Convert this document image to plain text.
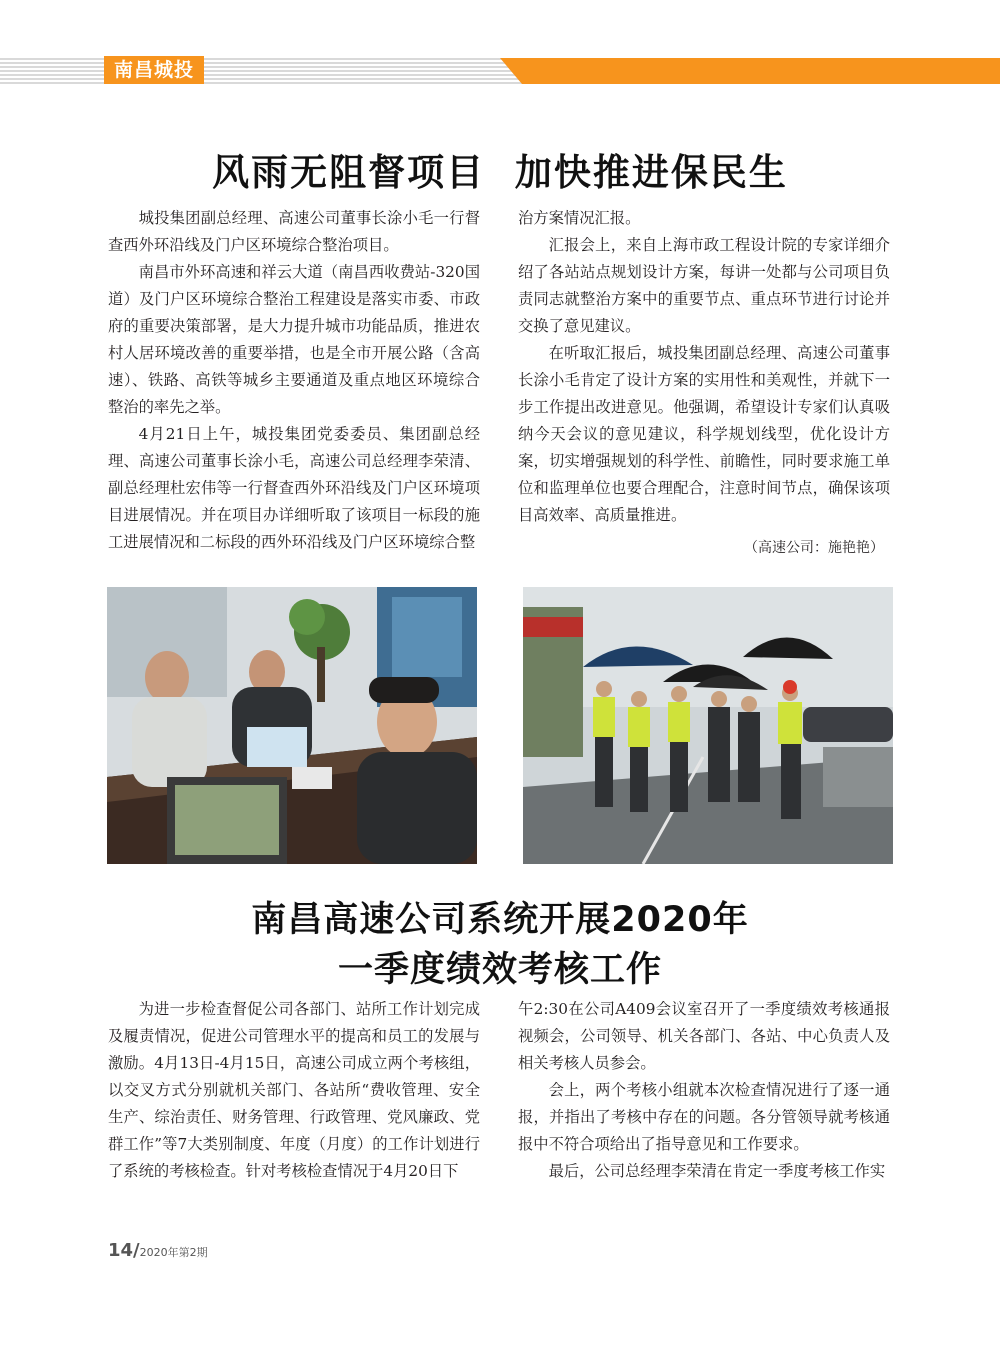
南昌城投
风雨无阻督项目  加快推进保民生

城投集团副总经理、高速公司董事长涂小毛一行督查西外环沿线及门户区环境综合整治项目。

南昌市外环高速和祥云大道（南昌西收费站-320国道）及门户区环境综合整治工程建设是落实市委、市政府的重要决策部署，是大力提升城市功能品质，推进农村人居环境改善的重要举措，也是全市开展公路（含高速）、铁路、高铁等城乡主要通道及重点地区环境综合整治的率先之举。

4月21日上午，城投集团党委委员、集团副总经理、高速公司董事长涂小毛，高速公司总经理李荣清、副总经理杜宏伟等一行督查西外环沿线及门户区环境项目进展情况。并在项目办详细听取了该项目一标段的施工进展情况和二标段的西外环沿线及门户区环境综合整

治方案情况汇报。

汇报会上，来自上海市政工程设计院的专家详细介绍了各站站点规划设计方案，每讲一处都与公司项目负责同志就整治方案中的重要节点、重点环节进行讨论并交换了意见建议。

在听取汇报后，城投集团副总经理、高速公司董事长涂小毛肯定了设计方案的实用性和美观性，并就下一步工作提出改进意见。他强调，希望设计专家们认真吸纳今天会议的意见建议，科学规划线型，优化设计方案，切实增强规划的科学性、前瞻性，同时要求施工单位和监理单位也要合理配合，注意时间节点，确保该项目高效率、高质量推进。

（高速公司：施艳艳）

南昌高速公司系统开展2020年
一季度绩效考核工作

为进一步检查督促公司各部门、站所工作计划完成及履责情况，促进公司管理水平的提高和员工的发展与激励。4月13日-4月15日，高速公司成立两个考核组，以交叉方式分别就机关部门、各站所“费收管理、安全生产、综治责任、财务管理、行政管理、党风廉政、党群工作”等7大类别制度、年度（月度）的工作计划进行了系统的考核检查。针对考核检查情况于4月20日下

午2:30在公司A409会议室召开了一季度绩效考核通报视频会，公司领导、机关各部门、各站、中心负责人及相关考核人员参会。

会上，两个考核小组就本次检查情况进行了逐一通报，并指出了考核中存在的问题。各分管领导就考核通报中不符合项给出了指导意见和工作要求。

最后，公司总经理李荣清在肯定一季度考核工作实

14/2020年第2期
